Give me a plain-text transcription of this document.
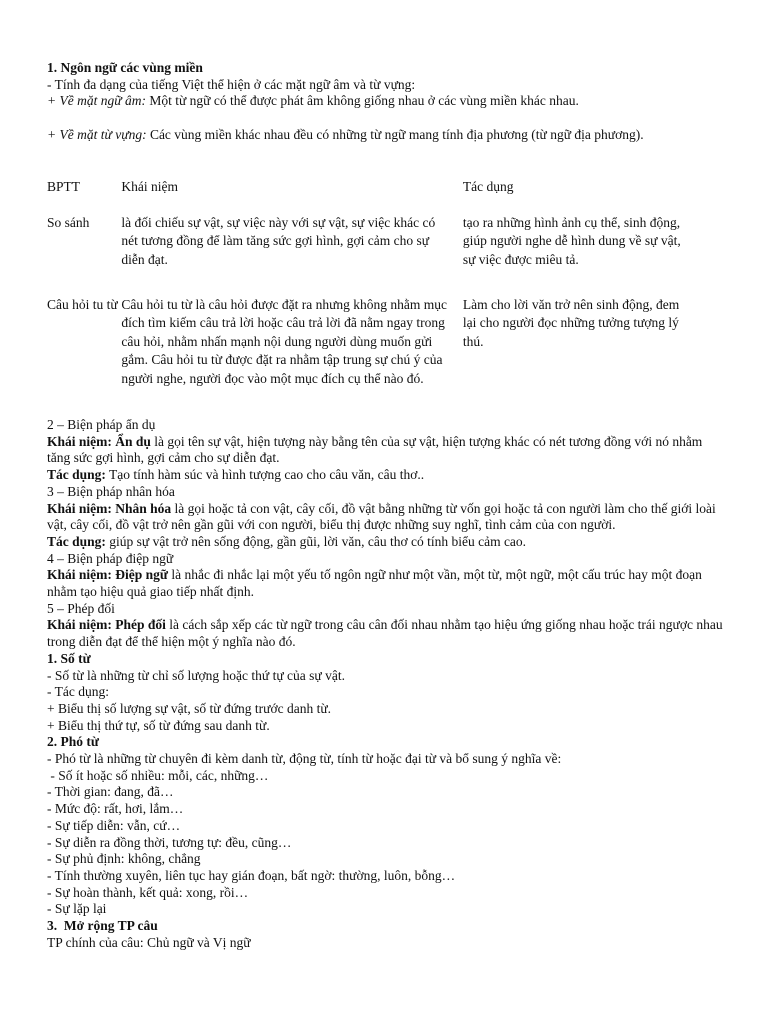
1. Ngôn ngữ các vùng miền
- Tính đa dạng của tiếng Việt thể hiện ở các mặt ngữ âm và từ vựng:
+ Về mặt ngữ âm: Một từ ngữ có thể được phát âm không giống nhau ở các vùng miền khác nhau.
+ Về mặt từ vựng: Các vùng miền khác nhau đều có những từ ngữ mang tính địa phương (từ ngữ địa phương).
BPTT	Khái niệm	Tác dụng
So sánh	là đối chiếu sự vật, sự việc này với sự vật, sự việc khác có nét tương đồng để làm tăng sức gợi hình, gợi cảm cho sự diễn đạt.	tạo ra những hình ảnh cụ thể, sinh động, giúp người nghe dễ hình dung về sự vật, sự việc được miêu tả.
Câu hỏi tu từ	Câu hỏi tu từ là câu hỏi được đặt ra nhưng không nhằm mục đích tìm kiếm câu trả lời hoặc câu trả lời đã nằm ngay trong câu hỏi, nhằm nhấn mạnh nội dung người dùng muốn gửi gắm. Câu hỏi tu từ được đặt ra nhằm tập trung sự chú ý của người nghe, người đọc vào một mục đích cụ thể nào đó.	Làm cho lời văn trở nên sinh động, đem lại cho người đọc những tưởng tượng lý thú.
2 – Biện pháp ẩn dụ
Khái niệm: Ẩn dụ là gọi tên sự vật, hiện tượng này bằng tên của sự vật, hiện tượng khác có nét tương đồng với nó nhằm tăng sức gợi hình, gợi cảm cho sự diễn đạt.
Tác dụng: Tạo tính hàm súc và hình tượng cao cho câu văn, câu thơ..
3 – Biện pháp nhân hóa
Khái niệm: Nhân hóa là gọi hoặc tả con vật, cây cối, đồ vật bằng những từ vốn gọi hoặc tả con người làm cho thế giới loài vật, cây cối, đồ vật trở nên gần gũi với con người, biểu thị được những suy nghĩ, tình cảm của con người.
Tác dụng: giúp sự vật trở nên sống động, gần gũi, lời văn, câu thơ có tính biểu cảm cao.
4 – Biện pháp điệp ngữ
Khái niệm: Điệp ngữ là nhắc đi nhắc lại một yếu tố ngôn ngữ như một vần, một từ, một ngữ, một cấu trúc hay một đoạn nhằm tạo hiệu quả giao tiếp nhất định.
5 – Phép đối
Khái niệm: Phép đối là cách sắp xếp các từ ngữ trong câu cân đối nhau nhằm tạo hiệu ứng giống nhau hoặc trái ngược nhau trong diễn đạt để thể hiện một ý nghĩa nào đó.
1. Số từ
- Số từ là những từ chỉ số lượng hoặc thứ tự của sự vật.
- Tác dụng:
+ Biểu thị số lượng sự vật, số từ đứng trước danh từ.
+ Biểu thị thứ tự, số từ đứng sau danh từ.
2. Phó từ
- Phó từ là những từ chuyên đi kèm danh từ, động từ, tính từ hoặc đại từ và bổ sung ý nghĩa về:
- Số ít hoặc số nhiều: mỗi, các, những…
- Thời gian: đang, đã…
- Mức độ: rất, hơi, lắm…
- Sự tiếp diễn: vẫn, cứ…
- Sự diễn ra đồng thời, tương tự: đều, cũng…
- Sự phủ định: không, chẳng
- Tính thường xuyên, liên tục hay gián đoạn, bất ngờ: thường, luôn, bỗng…
- Sự hoàn thành, kết quả: xong, rồi…
- Sự lặp lại
3.  Mở rộng TP câu
TP chính của câu: Chủ ngữ và Vị ngữ
